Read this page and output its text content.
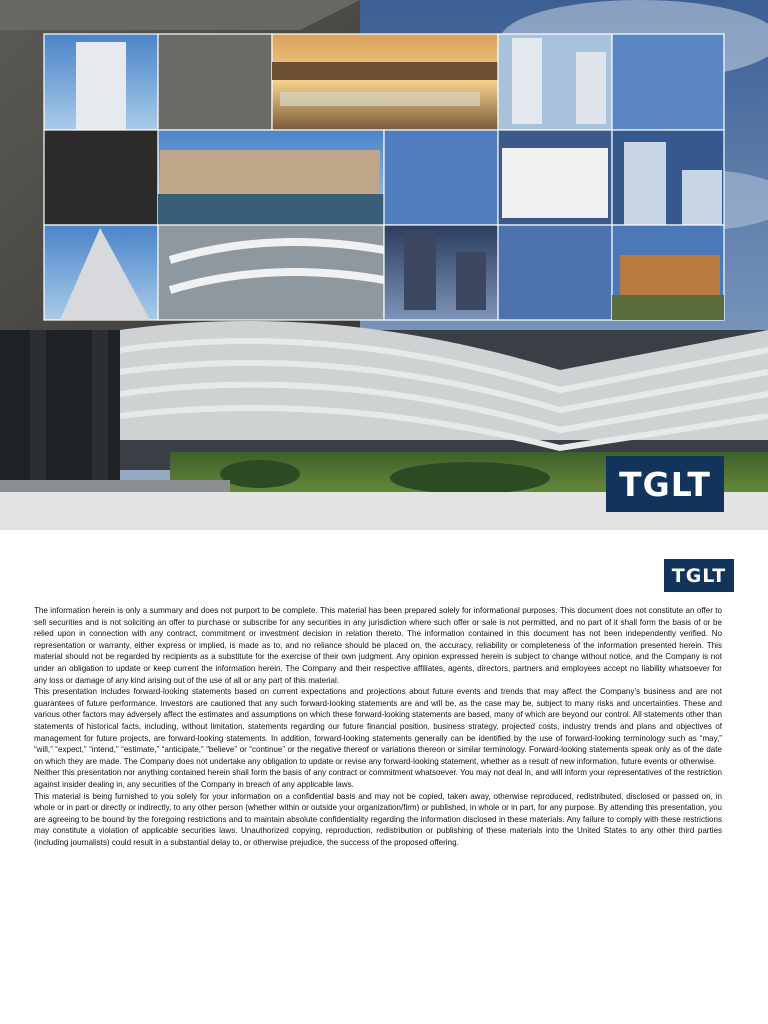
TGLT
TGLT

The information herein is only a summary and does not purport to be complete. This material has been prepared solely for informational purposes. This document does not constitute an offer to sell securities and is not soliciting an offer to purchase or subscribe for any securities in any jurisdiction where such offer or sale is not permitted, and no part of it shall form the basis of or be relied upon in connection with any contract, commitment or investment decision in relation thereto. The information contained in this document has not been independently verified. No representation or warranty, either express or implied, is made as to, and no reliance should be placed on, the accuracy, reliability or completeness of the information presented herein. This material should not be regarded by recipients as a substitute for the exercise of their own judgment. Any opinion expressed herein is subject to change without notice, and the Company is not under an obligation to update or keep current the information herein. The Company and their respective affiliates, agents, directors, partners and employees accept no liability whatsoever for any loss or damage of any kind arising out of the use of all or any part of this material.

This presentation includes forward-looking statements based on current expectations and projections about future events and trends that may affect the Company’s business and are not guarantees of future performance. Investors are cautioned that any such forward-looking statements are and will be, as the case may be, subject to many risks and uncertainties. These and various other factors may adversely affect the estimates and assumptions on which these forward-looking statements are based, many of which are beyond our control. All statements other than statements of historical facts, including, without limitation, statements regarding our future financial position, business strategy, projected costs, industry trends and plans and objectives of management for future projects, are forward-looking statements. In addition, forward-looking statements generally can be identified by the use of forward-looking terminology such as “may,” “will,” “expect,” “intend,” “estimate,” “anticipate,” “believe” or “continue” or the negative thereof or variations thereon or similar terminology. Forward-looking statements speak only as of the date on which they are made. The Company does not undertake any obligation to update or revise any forward-looking statement, whether as a result of new information, future events or otherwise.

Neither this presentation nor anything contained herein shall form the basis of any contract or commitment whatsoever. You may not deal in, and will inform your representatives of the restriction against insider dealing in, any securities of the Company in breach of any applicable laws.

This material is being furnished to you solely for your information on a confidential basis and may not be copied, taken away, otherwise reproduced, redistributed, disclosed or passed on, in whole or in part or directly or indirectly, to any other person (whether within or outside your organization/firm) or published, in whole or in part, for any purpose. By attending this presentation, you are agreeing to be bound by the foregoing restrictions and to maintain absolute confidentiality regarding the information disclosed in these materials. Any failure to comply with these restrictions may constitute a violation of applicable securities laws. Unauthorized copying, reproduction, redistribution or publishing of these materials into the United States to any other third parties (including journalists) could result in a substantial delay to, or otherwise prejudice, the success of the proposed offering.
